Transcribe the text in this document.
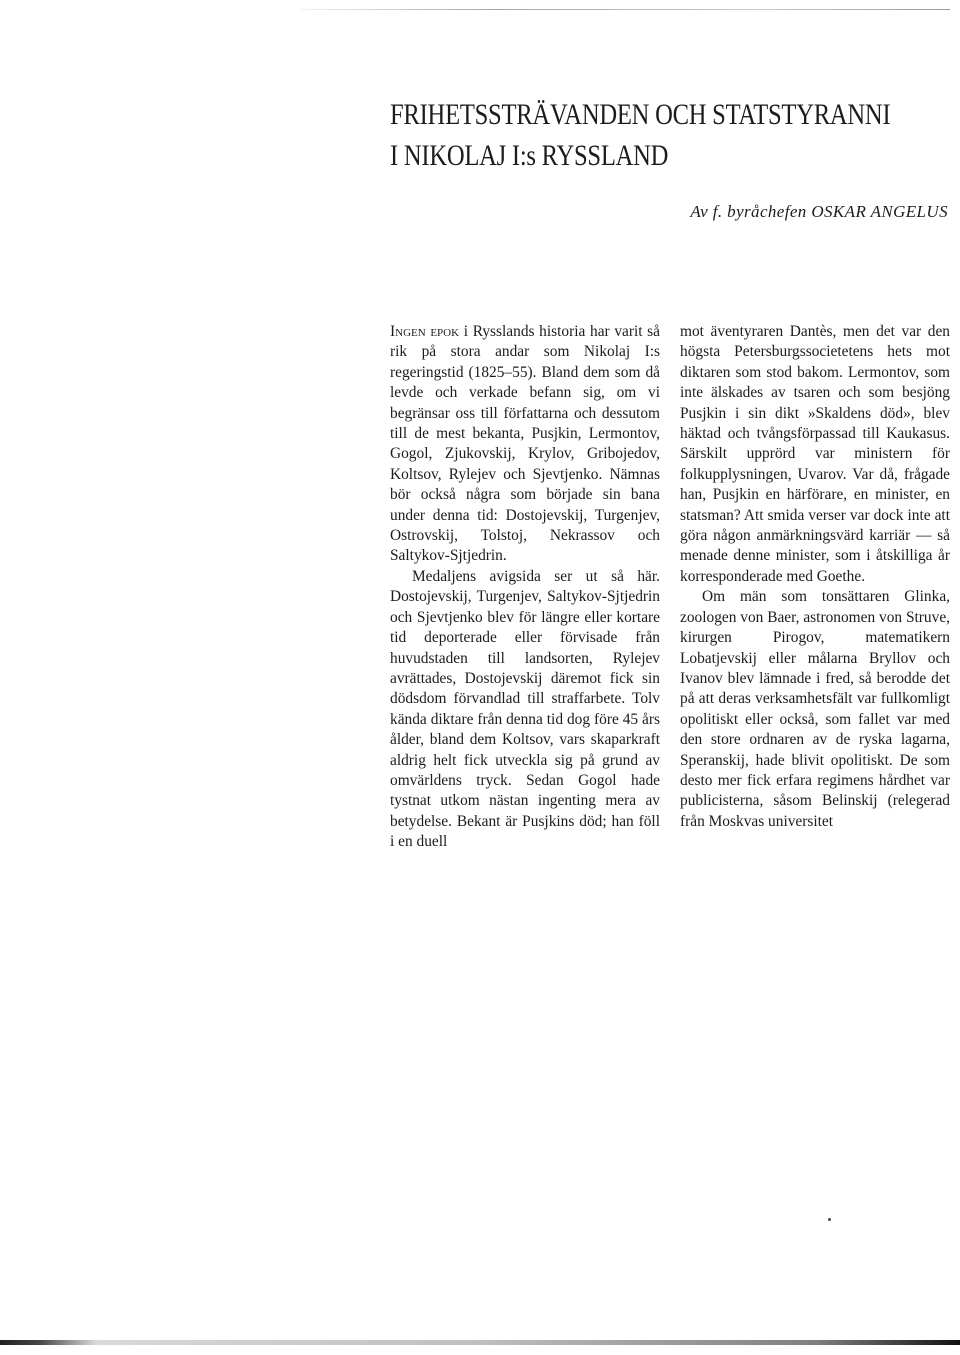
FRIHETSSTRÄVANDEN OCH STATSTYRANNI
I NIKOLAJ I:s RYSSLAND
Av f. byråchefen OSKAR ANGELUS

Ingen epok i Rysslands historia har varit så rik på stora andar som Nikolaj I:s regeringstid (1825–55). Bland dem som då levde och verkade befann sig, om vi begränsar oss till författarna och dessutom till de mest bekanta, Pusjkin, Lermontov, Gogol, Zjukovskij, Krylov, Gribojedov, Koltsov, Rylejev och Sjevtjenko. Nämnas bör också några som började sin bana under denna tid: Dostojevskij, Turgenjev, Ostrovskij, Tolstoj, Nekrassov och Saltykov-Sjtjedrin.

Medaljens avigsida ser ut så här. Dostojevskij, Turgenjev, Saltykov-Sjtjedrin och Sjevtjenko blev för längre eller kortare tid deporterade eller förvisade från huvudstaden till landsorten, Rylejev avrättades, Dostojevskij däremot fick sin dödsdom förvandlad till straffarbete. Tolv kända diktare från denna tid dog före 45 års ålder, bland dem Koltsov, vars skaparkraft aldrig helt fick utveckla sig på grund av omvärldens tryck. Sedan Gogol hade tystnat utkom nästan ingenting mera av betydelse. Bekant är Pusjkins död; han föll i en duell

mot äventyraren Dantès, men det var den högsta Petersburgssocietetens hets mot diktaren som stod bakom. Lermontov, som inte älskades av tsaren och som besjöng Pusjkin i sin dikt »Skaldens död», blev häktad och tvångsförpassad till Kaukasus. Särskilt upprörd var ministern för folkupplysningen, Uvarov. Var då, frågade han, Pusjkin en härförare, en minister, en statsman? Att smida verser var dock inte att göra någon anmärkningsvärd karriär — så menade denne minister, som i åtskilliga år korresponderade med Goethe.

Om män som tonsättaren Glinka, zoologen von Baer, astronomen von Struve, kirurgen Pirogov, matematikern Lobatjevskij eller målarna Bryllov och Ivanov blev lämnade i fred, så berodde det på att deras verksamhetsfält var fullkomligt opolitiskt eller också, som fallet var med den store ordnaren av de ryska lagarna, Speranskij, hade blivit opolitiskt. De som desto mer fick erfara regimens hårdhet var publicisterna, såsom Belinskij (relegerad från Moskvas universitet
